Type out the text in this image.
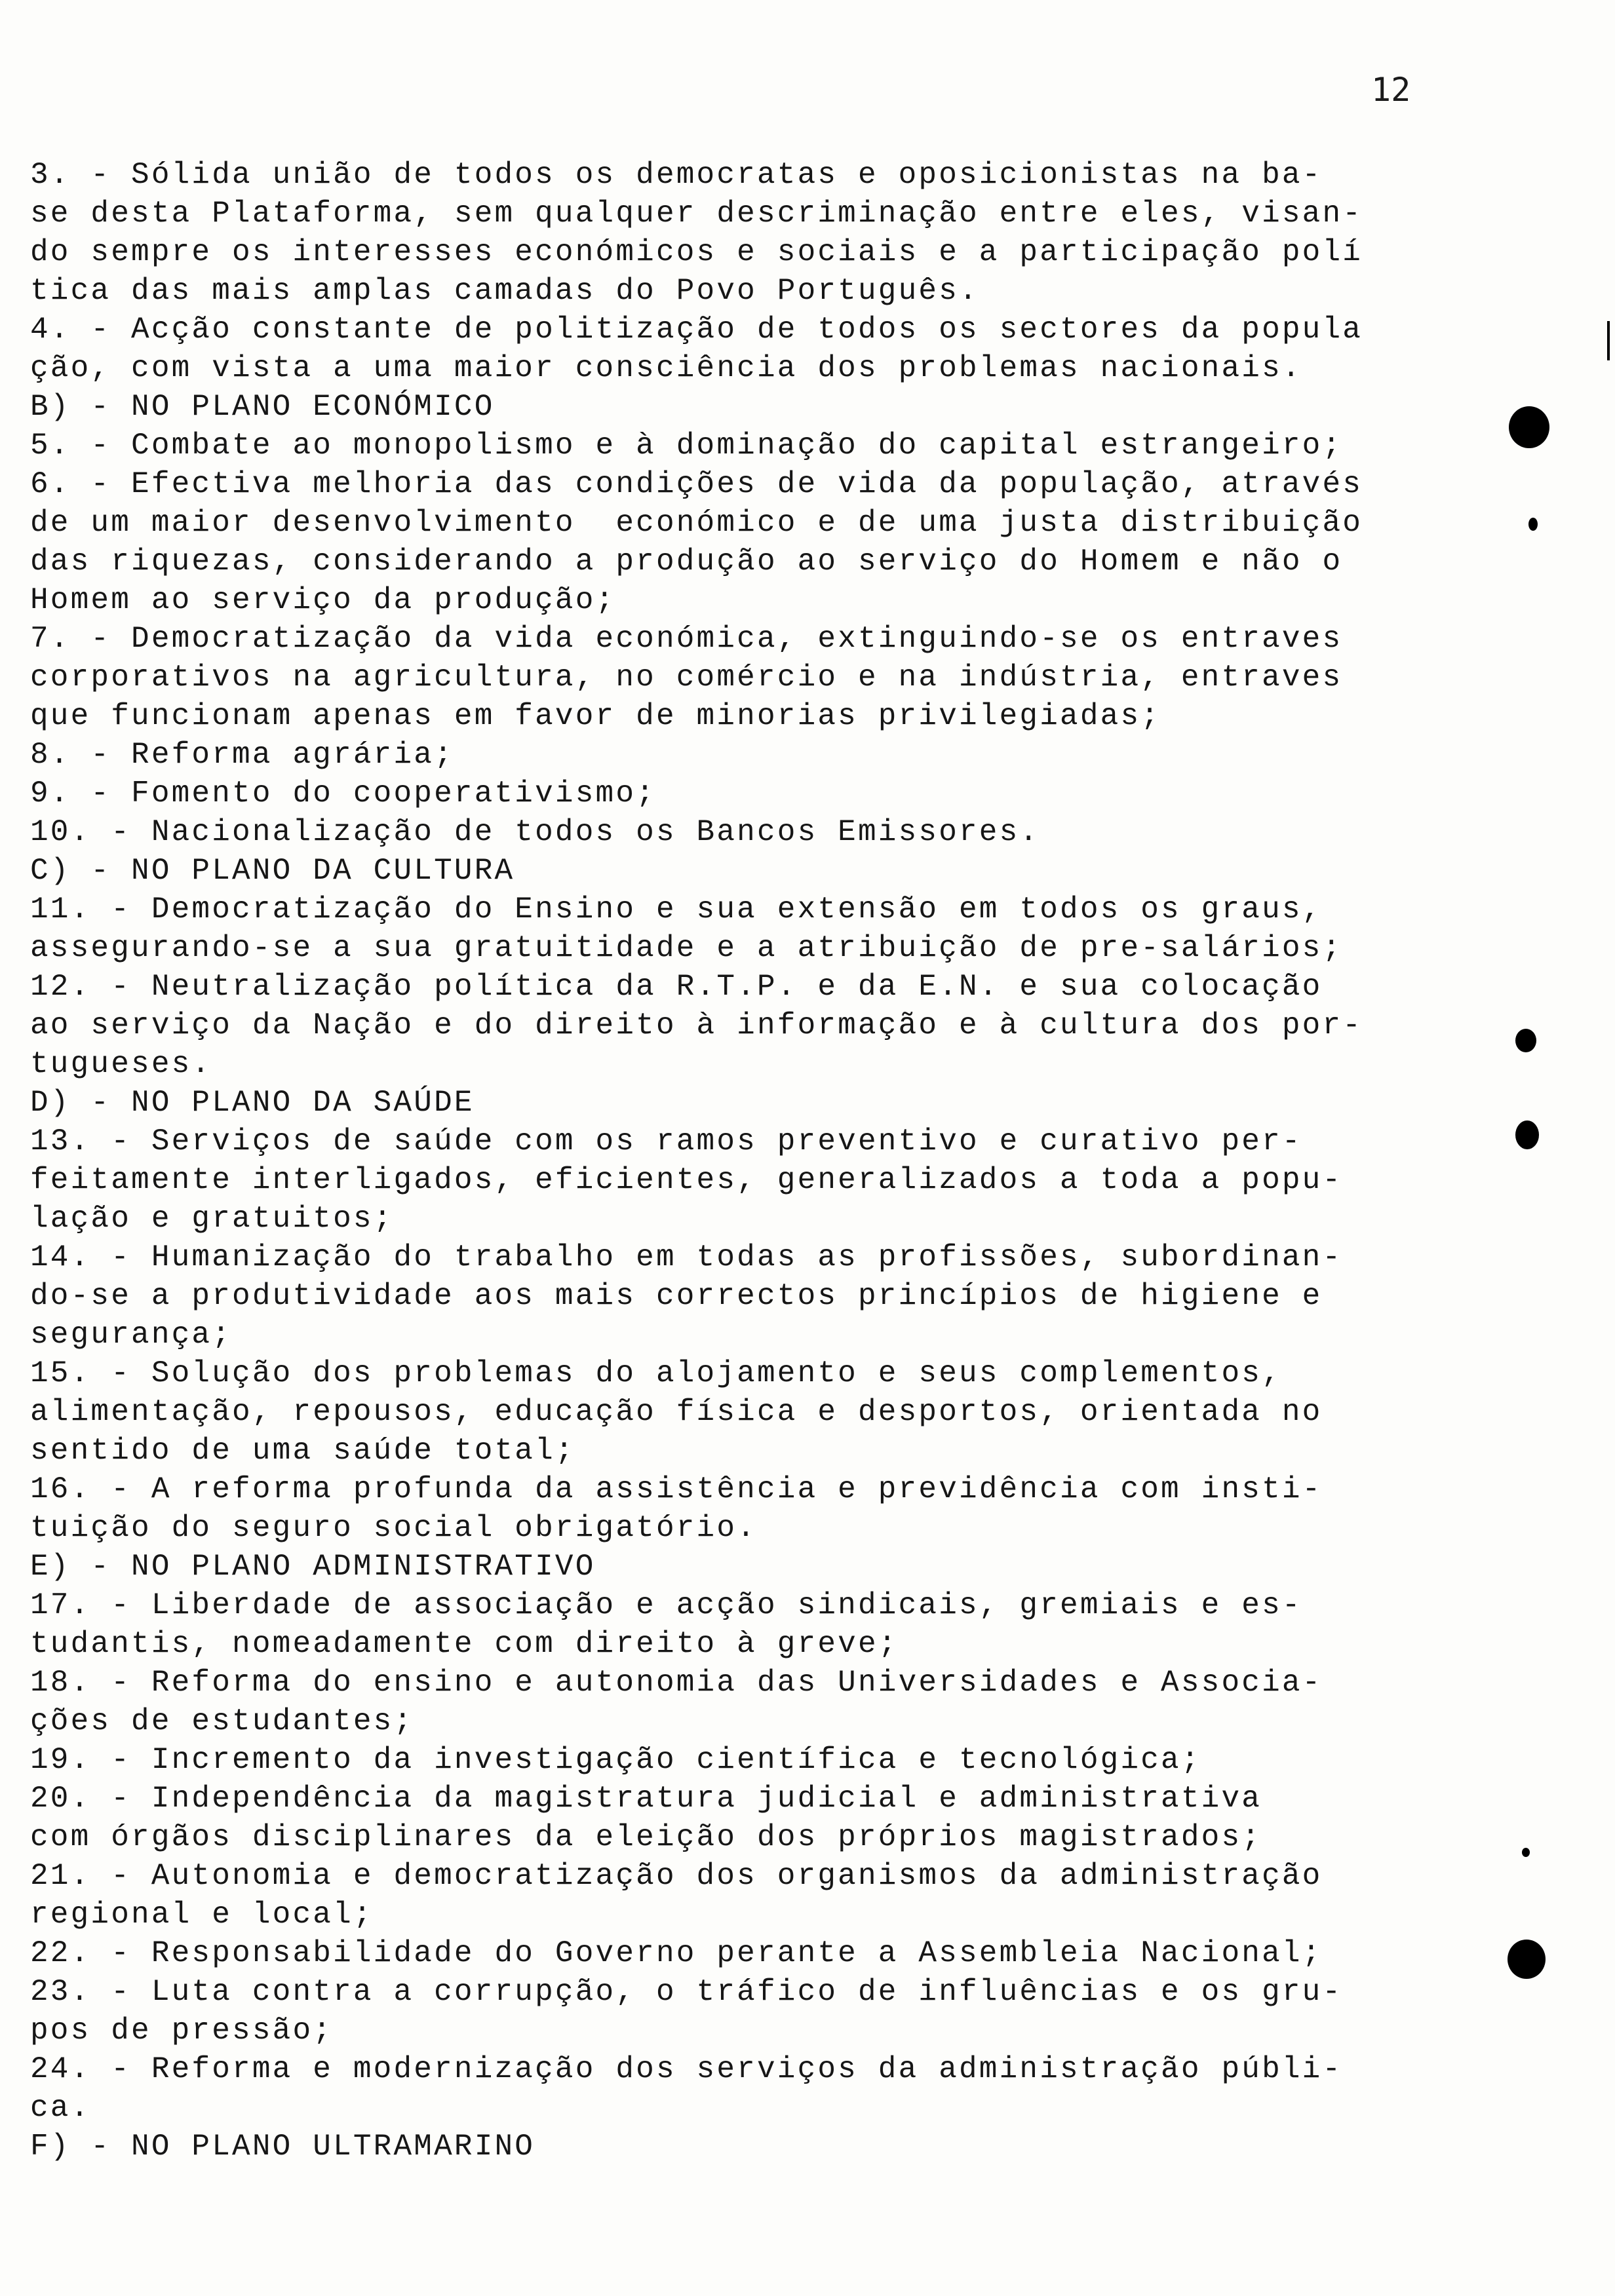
12
3. - Sólida união de todos os democratas e oposicionistas na ba-
se desta Plataforma, sem qualquer descriminação entre eles, visan-
do sempre os interesses económicos e sociais e a participação polí
tica das mais amplas camadas do Povo Português.
4. - Acção constante de politização de todos os sectores da popula
ção, com vista a uma maior consciência dos problemas nacionais.
B) - NO PLANO ECONÓMICO
5. - Combate ao monopolismo e à dominação do capital estrangeiro;
6. - Efectiva melhoria das condições de vida da população, através
de um maior desenvolvimento  económico e de uma justa distribuição
das riquezas, considerando a produção ao serviço do Homem e não o
Homem ao serviço da produção;
7. - Democratização da vida económica, extinguindo-se os entraves
corporativos na agricultura, no comércio e na indústria, entraves
que funcionam apenas em favor de minorias privilegiadas;
8. - Reforma agrária;
9. - Fomento do cooperativismo;
10. - Nacionalização de todos os Bancos Emissores.
C) - NO PLANO DA CULTURA
11. - Democratização do Ensino e sua extensão em todos os graus,
assegurando-se a sua gratuitidade e a atribuição de pre-salários;
12. - Neutralização política da R.T.P. e da E.N. e sua colocação
ao serviço da Nação e do direito à informação e à cultura dos por-
tugueses.
D) - NO PLANO DA SAÚDE
13. - Serviços de saúde com os ramos preventivo e curativo per-
feitamente interligados, eficientes, generalizados a toda a popu-
lação e gratuitos;
14. - Humanização do trabalho em todas as profissões, subordinan-
do-se a produtividade aos mais correctos princípios de higiene e
segurança;
15. - Solução dos problemas do alojamento e seus complementos,
alimentação, repousos, educação física e desportos, orientada no
sentido de uma saúde total;
16. - A reforma profunda da assistência e previdência com insti-
tuição do seguro social obrigatório.
E) - NO PLANO ADMINISTRATIVO
17. - Liberdade de associação e acção sindicais, gremiais e es-
tudantis, nomeadamente com direito à greve;
18. - Reforma do ensino e autonomia das Universidades e Associa-
ções de estudantes;
19. - Incremento da investigação científica e tecnológica;
20. - Independência da magistratura judicial e administrativa
com órgãos disciplinares da eleição dos próprios magistrados;
21. - Autonomia e democratização dos organismos da administração
regional e local;
22. - Responsabilidade do Governo perante a Assembleia Nacional;
23. - Luta contra a corrupção, o tráfico de influências e os gru-
pos de pressão;
24. - Reforma e modernização dos serviços da administração públi-
ca.
F) - NO PLANO ULTRAMARINO
